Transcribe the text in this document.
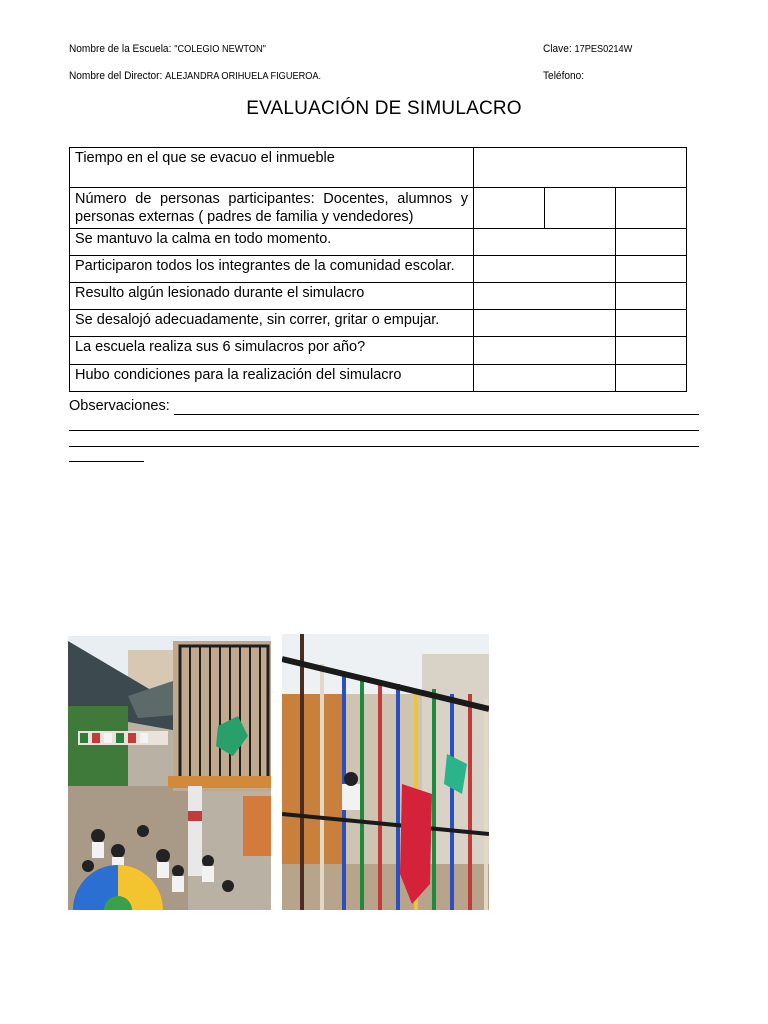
Nombre de la Escuela: "COLEGIO NEWTON"	Clave: 17PES0214W
Nombre del Director: ALEJANDRA ORIHUELA FIGUEROA.	Teléfono:
EVALUACIÓN DE SIMULACRO
Tiempo en el que se evacuo el inmueble			
Número de personas participantes: Docentes, alumnos y personas externas ( padres de familia y vendedores)			
Se mantuvo la calma en todo momento.			
Participaron todos los integrantes de la comunidad escolar.			
Resulto algún lesionado durante el simulacro			
Se desalojó adecuadamente, sin correr, gritar o empujar.			
La escuela realiza sus 6 simulacros por año?			
Hubo condiciones para la realización del simulacro			
Observaciones:
